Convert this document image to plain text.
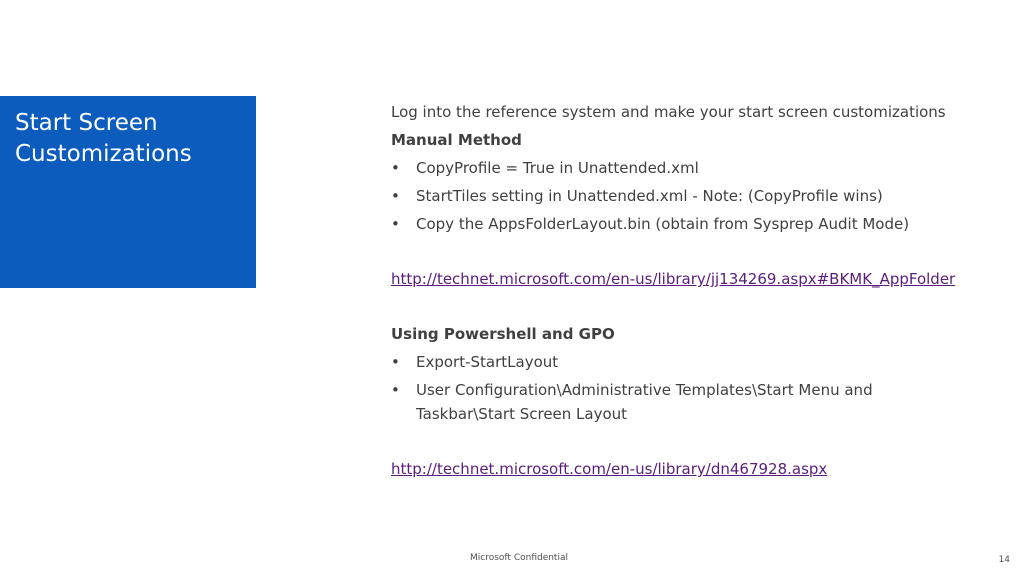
Start Screen
Customizations
Log into the reference system and make your start screen customizations
Manual Method
• CopyProfile = True in Unattended.xml
• StartTiles setting in Unattended.xml - Note: (CopyProfile wins)
• Copy the AppsFolderLayout.bin (obtain from Sysprep Audit Mode)
http://technet.microsoft.com/en-us/library/jj134269.aspx#BKMK_AppFolder
Using Powershell and GPO
• Export-StartLayout
• User Configuration\Administrative Templates\Start Menu and Taskbar\Start Screen Layout
http://technet.microsoft.com/en-us/library/dn467928.aspx
Microsoft Confidential	14
